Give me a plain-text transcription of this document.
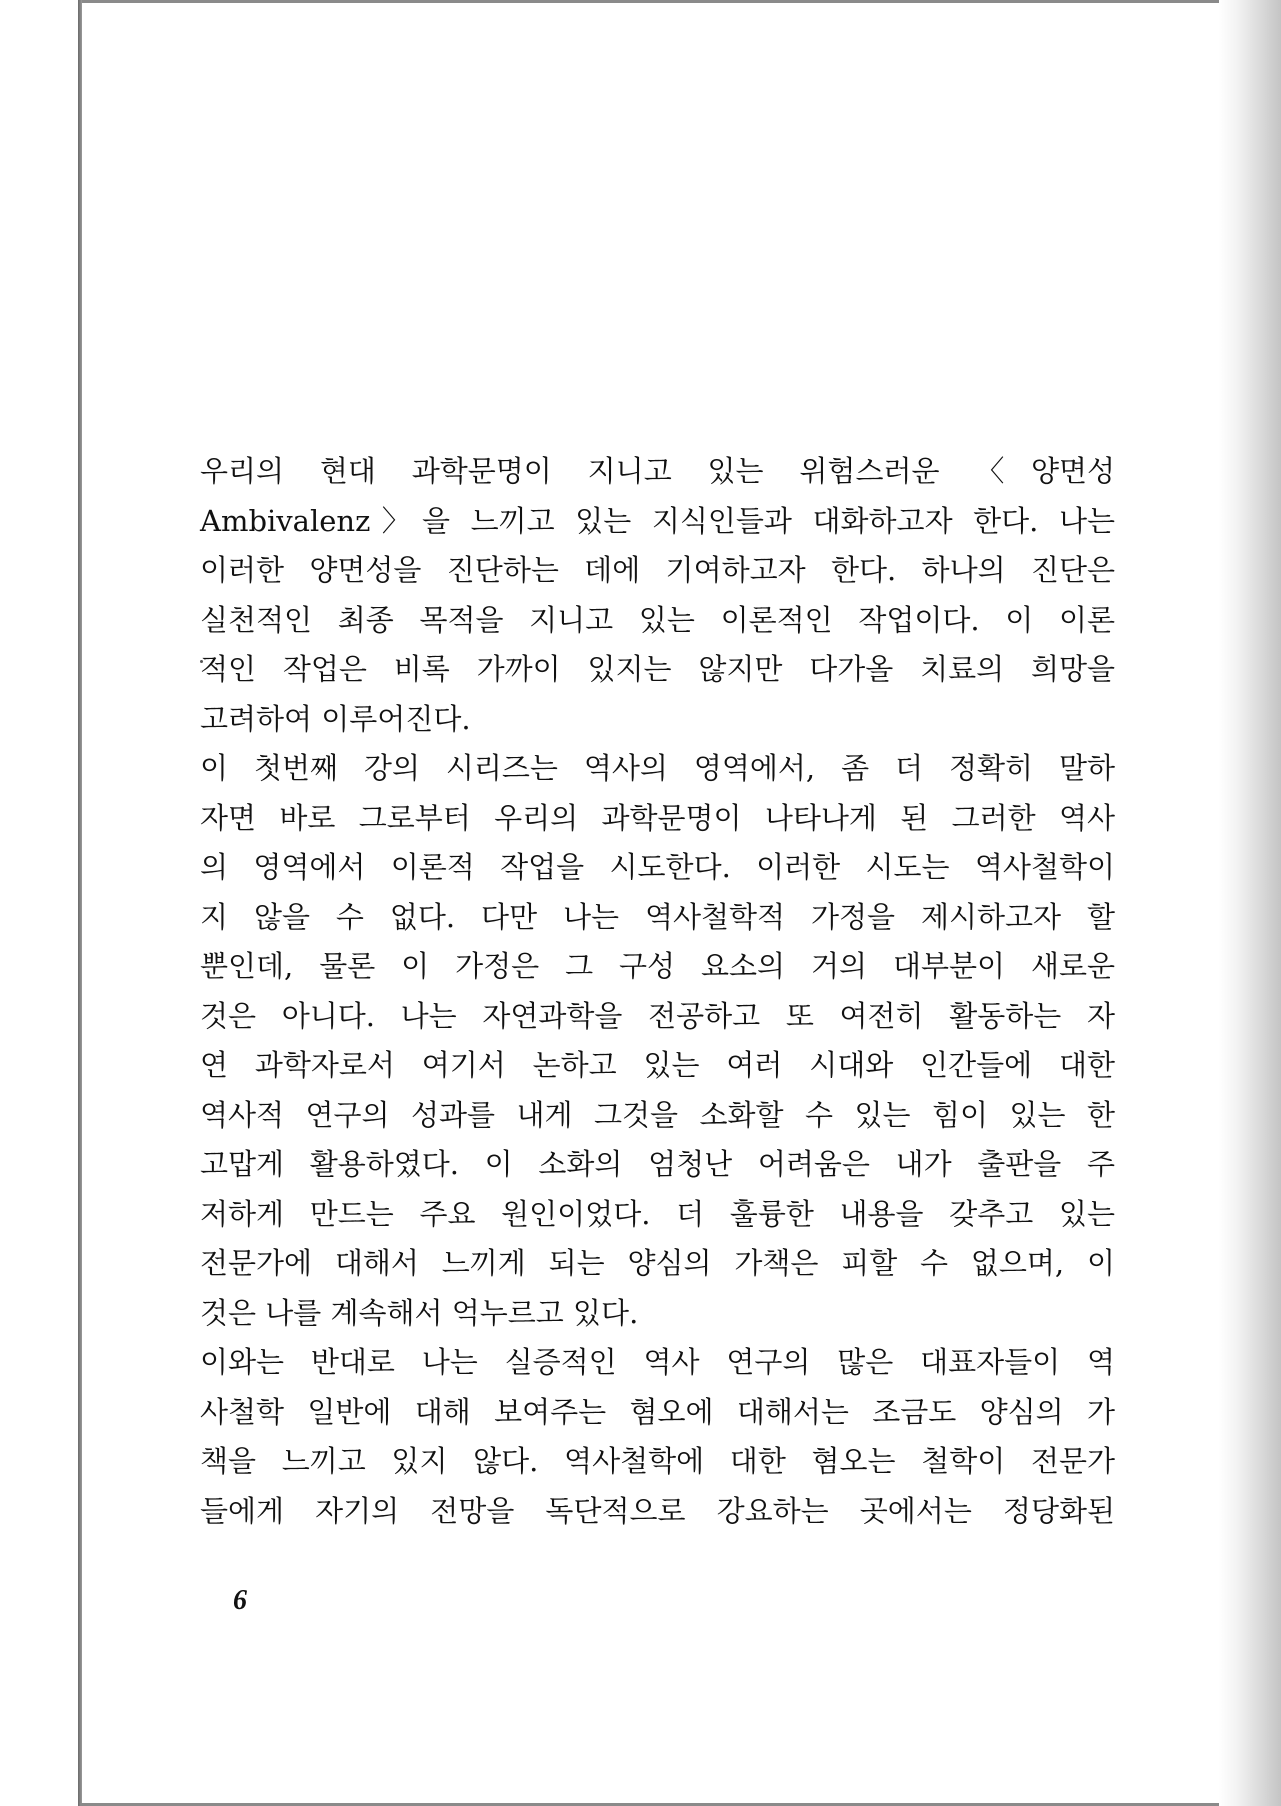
우리의 현대 과학문명이 지니고 있는 위험스러운 〈양면성
Ambivalenz〉을 느끼고 있는 지식인들과 대화하고자 한다. 나는
이러한 양면성을 진단하는 데에 기여하고자 한다. 하나의 진단은
실천적인 최종 목적을 지니고 있는 이론적인 작업이다. 이 이론
적인 작업은 비록 가까이 있지는 않지만 다가올 치료의 희망을
고려하여 이루어진다.
이 첫번째 강의 시리즈는 역사의 영역에서, 좀 더 정확히 말하
자면 바로 그로부터 우리의 과학문명이 나타나게 된 그러한 역사
의 영역에서 이론적 작업을 시도한다. 이러한 시도는 역사철학이
지 않을 수 없다. 다만 나는 역사철학적 가정을 제시하고자 할
뿐인데, 물론 이 가정은 그 구성 요소의 거의 대부분이 새로운
것은 아니다. 나는 자연과학을 전공하고 또 여전히 활동하는 자
연 과학자로서 여기서 논하고 있는 여러 시대와 인간들에 대한
역사적 연구의 성과를 내게 그것을 소화할 수 있는 힘이 있는 한
고맙게 활용하였다. 이 소화의 엄청난 어려움은 내가 출판을 주
저하게 만드는 주요 원인이었다. 더 훌륭한 내용을 갖추고 있는
전문가에 대해서 느끼게 되는 양심의 가책은 피할 수 없으며, 이
것은 나를 계속해서 억누르고 있다.
이와는 반대로 나는 실증적인 역사 연구의 많은 대표자들이 역
사철학 일반에 대해 보여주는 혐오에 대해서는 조금도 양심의 가
책을 느끼고 있지 않다. 역사철학에 대한 혐오는 철학이 전문가
들에게 자기의 전망을 독단적으로 강요하는 곳에서는 정당화된
6
